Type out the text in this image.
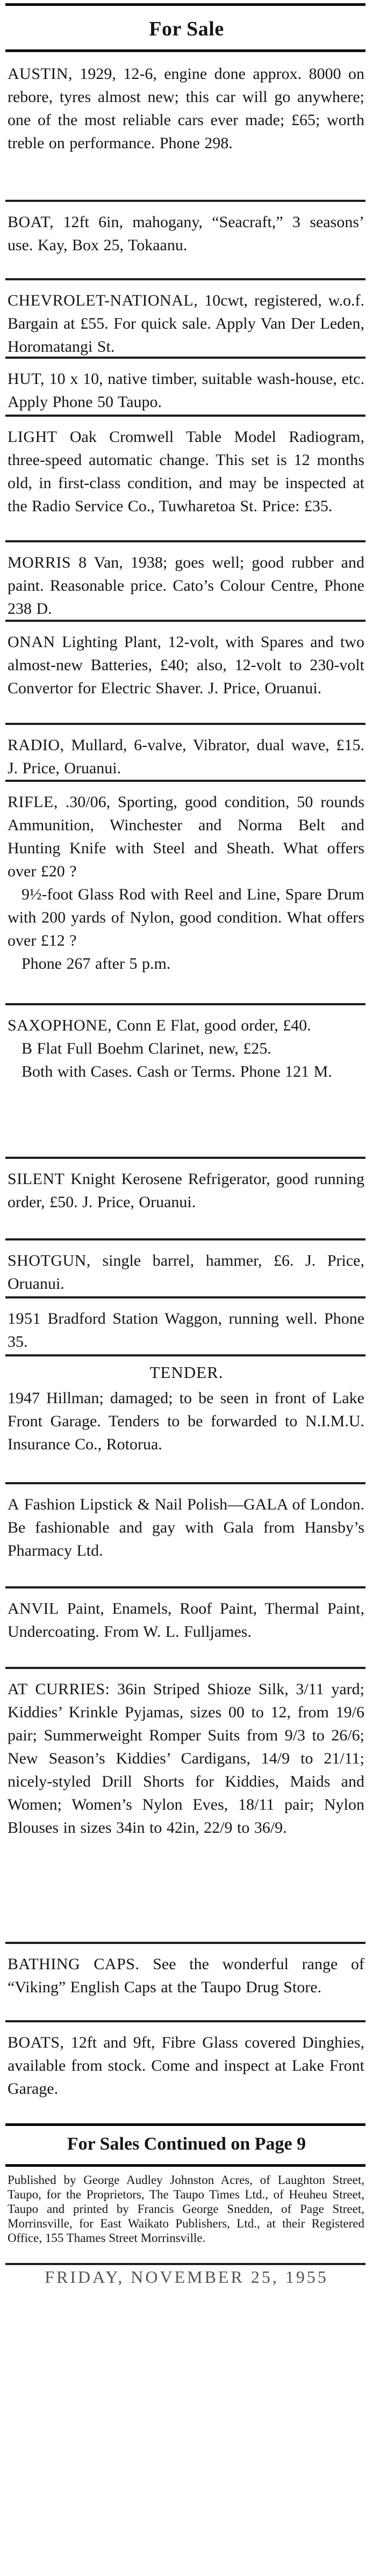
For Sale

AUSTIN, 1929, 12-6, engine done approx. 8000 on rebore, tyres almost new; this car will go anywhere; one of the most reliable cars ever made; £65; worth treble on performance. Phone 298.

BOAT, 12ft 6in, mahogany, “Seacraft,” 3 seasons’ use. Kay, Box 25, Tokaanu.

CHEVROLET-NATIONAL, 10cwt, registered, w.o.f. Bargain at £55. For quick sale. Apply Van Der Leden, Horomatangi St.

HUT, 10 x 10, native timber, suitable wash-house, etc. Apply Phone 50 Taupo.

LIGHT Oak Cromwell Table Model Radiogram, three-speed automatic change. This set is 12 months old, in first-class condition, and may be inspected at the Radio Service Co., Tuwharetoa St. Price: £35.

MORRIS 8 Van, 1938; goes well; good rubber and paint. Reasonable price. Cato’s Colour Centre, Phone 238 D.

ONAN Lighting Plant, 12-volt, with Spares and two almost-new Batteries, £40; also, 12-volt to 230-volt Convertor for Electric Shaver. J. Price, Oruanui.

RADIO, Mullard, 6-valve, Vibrator, dual wave, £15. J. Price, Oruanui.

RIFLE, .30/06, Sporting, good condition, 50 rounds Ammunition, Winchester and Norma Belt and Hunting Knife with Steel and Sheath. What offers over £20 ?
9½-foot Glass Rod with Reel and Line, Spare Drum with 200 yards of Nylon, good condition. What offers over £12 ?
Phone 267 after 5 p.m.
SAXOPHONE, Conn E Flat, good order, £40.
B Flat Full Boehm Clarinet, new, £25.
Both with Cases. Cash or Terms. Phone 121 M.

SILENT Knight Kerosene Refrigerator, good running order, £50. J. Price, Oruanui.

SHOTGUN, single barrel, hammer, £6. J. Price, Oruanui.

1951 Bradford Station Waggon, running well. Phone 35.

TENDER.

1947 Hillman; damaged; to be seen in front of Lake Front Garage. Tenders to be forwarded to N.I.M.U. Insurance Co., Rotorua.

A Fashion Lipstick & Nail Polish—GALA of London. Be fashionable and gay with Gala from Hansby’s Pharmacy Ltd.

ANVIL Paint, Enamels, Roof Paint, Thermal Paint, Undercoating. From W. L. Fulljames.

AT CURRIES: 36in Striped Shioze Silk, 3/11 yard; Kiddies’ Krinkle Pyjamas, sizes 00 to 12, from 19/6 pair; Summerweight Romper Suits from 9/3 to 26/6; New Season’s Kiddies’ Cardigans, 14/9 to 21/11; nicely-styled Drill Shorts for Kiddies, Maids and Women; Women’s Nylon Eves, 18/11 pair; Nylon Blouses in sizes 34in to 42in, 22/9 to 36/9.

BATHING CAPS. See the wonderful range of “Viking” English Caps at the Taupo Drug Store.

BOATS, 12ft and 9ft, Fibre Glass covered Dinghies, available from stock. Come and inspect at Lake Front Garage.

For Sales Continued on Page 9

Published by George Audley Johnston Acres, of Laughton Street, Taupo, for the Proprietors, The Taupo Times Ltd., of Heuheu Street, Taupo and printed by Francis George Snedden, of Page Street, Morrinsville, for East Waikato Publishers, Ltd., at their Registered Office, 155 Thames Street Morrinsville.

FRIDAY, NOVEMBER 25, 1955
